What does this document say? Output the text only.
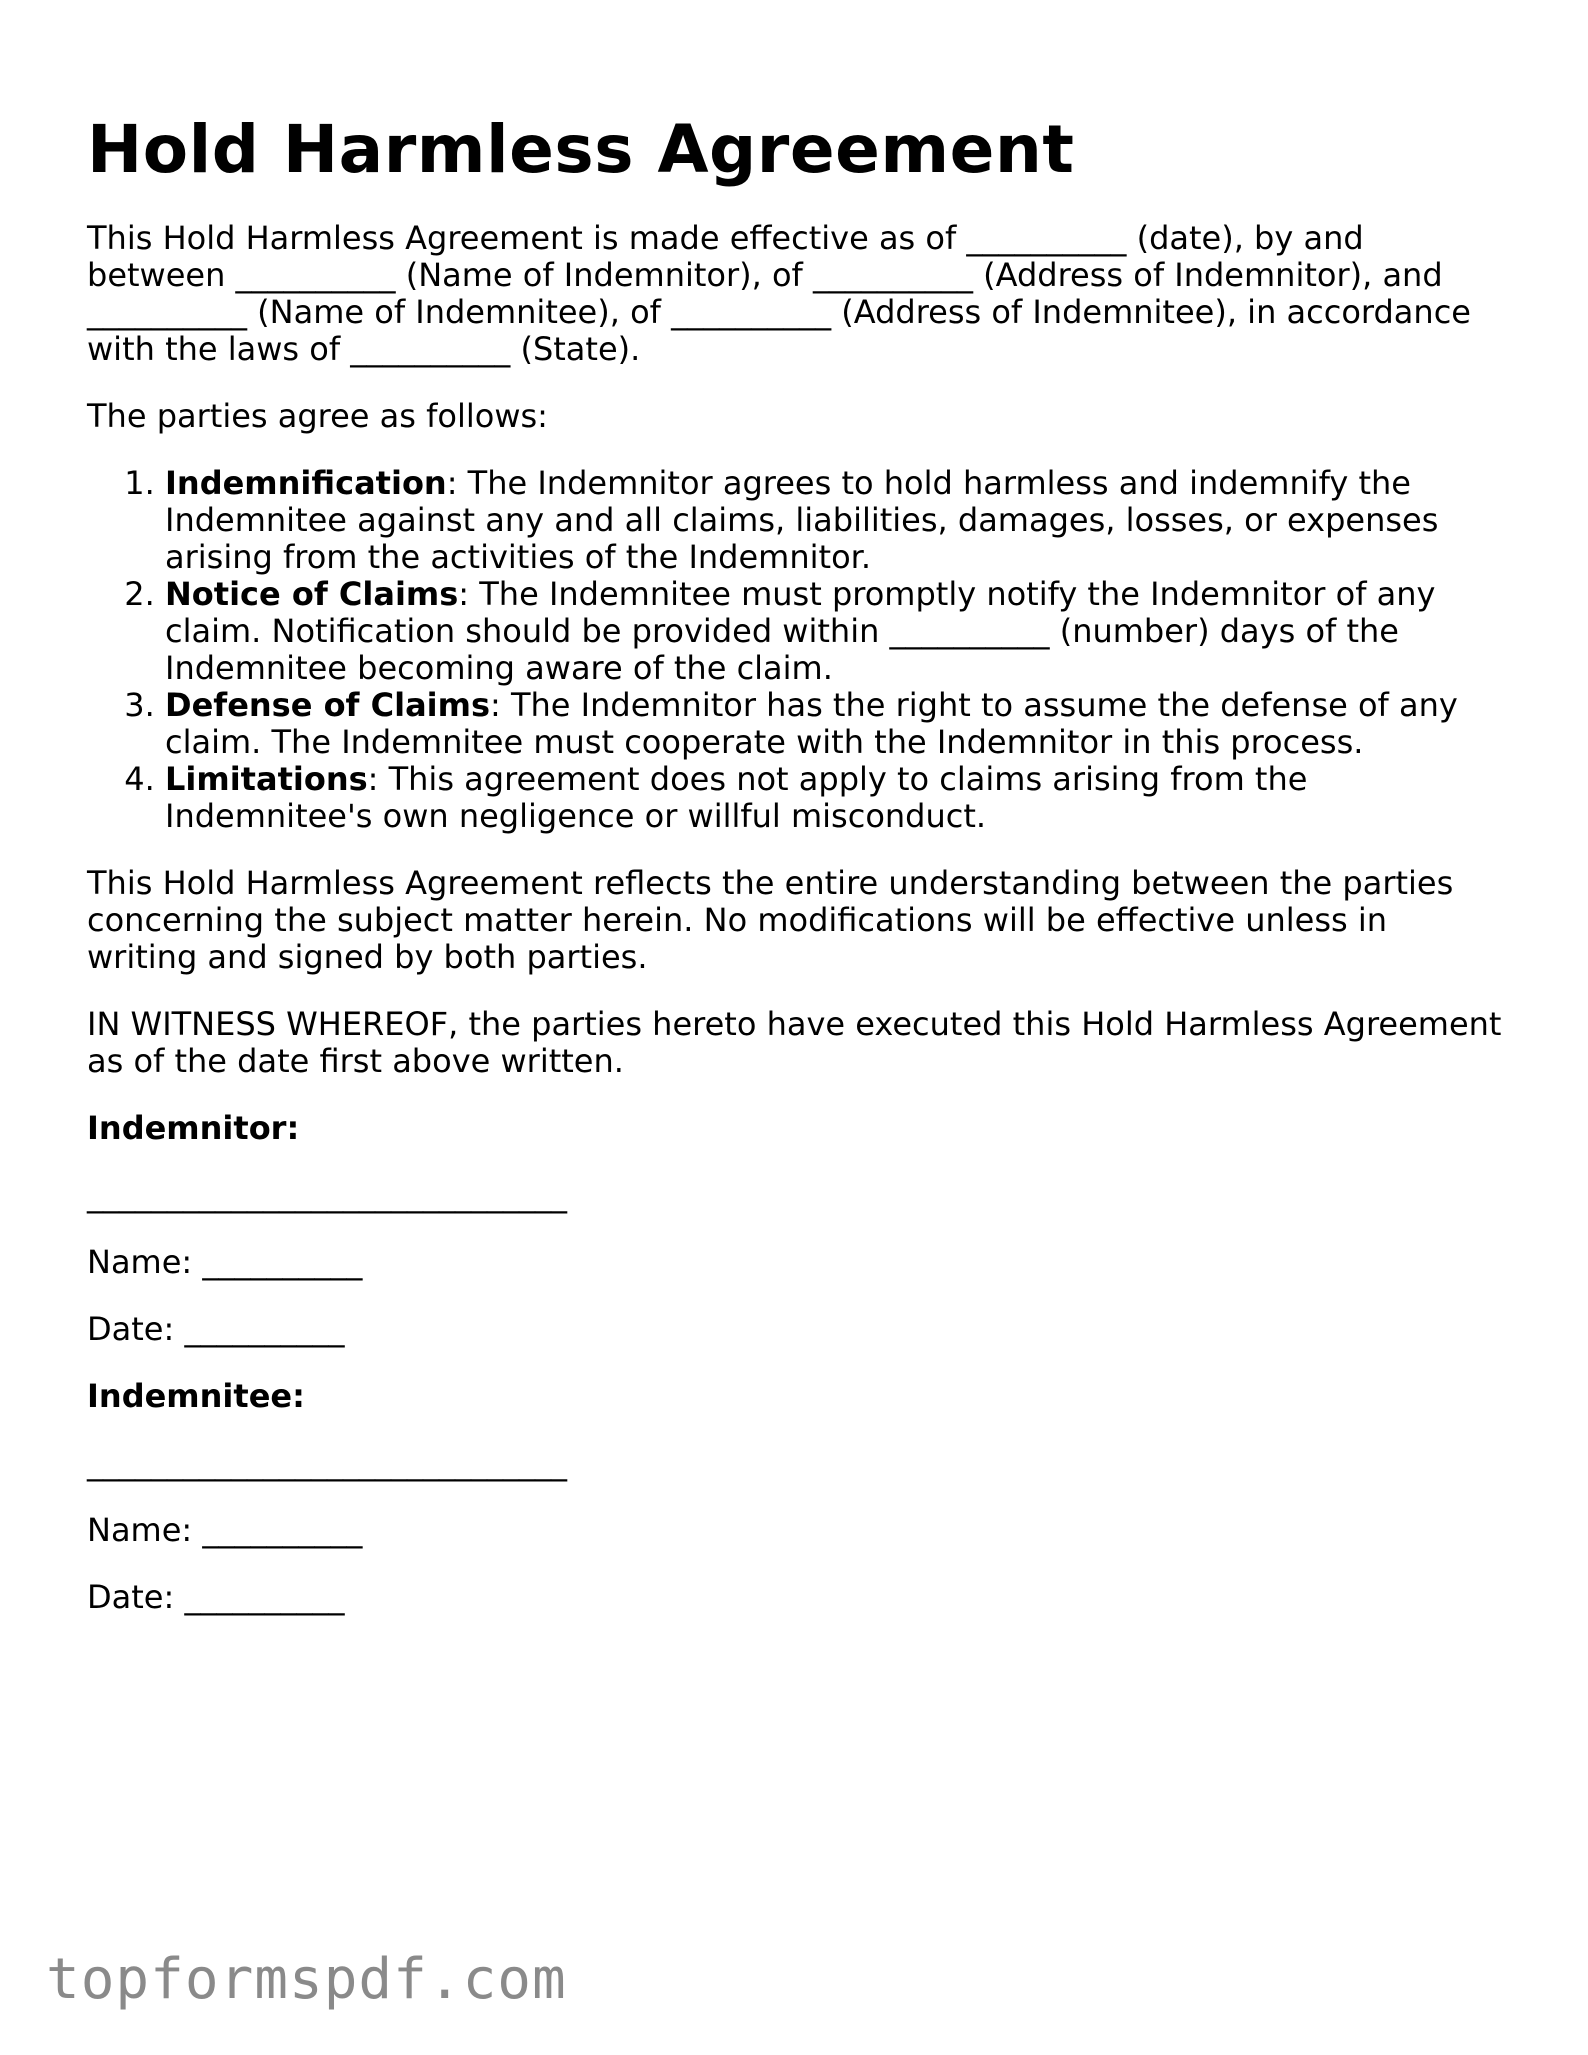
Hold Harmless Agreement

This Hold Harmless Agreement is made effective as of __________ (date), by and between __________ (Name of Indemnitor), of __________ (Address of Indemnitor), and __________ (Name of Indemnitee), of __________ (Address of Indemnitee), in accordance with the laws of __________ (State).

The parties agree as follows:

1. Indemnification: The Indemnitor agrees to hold harmless and indemnify the Indemnitee against any and all claims, liabilities, damages, losses, or expenses arising from the activities of the Indemnitor.
2. Notice of Claims: The Indemnitee must promptly notify the Indemnitor of any claim. Notification should be provided within __________ (number) days of the Indemnitee becoming aware of the claim.
3. Defense of Claims: The Indemnitor has the right to assume the defense of any claim. The Indemnitee must cooperate with the Indemnitor in this process.
4. Limitations: This agreement does not apply to claims arising from the Indemnitee's own negligence or willful misconduct.

This Hold Harmless Agreement reflects the entire understanding between the parties concerning the subject matter herein. No modifications will be effective unless in writing and signed by both parties.

IN WITNESS WHEREOF, the parties hereto have executed this Hold Harmless Agreement as of the date first above written.

Indemnitor:

______________________________

Name: __________

Date: __________

Indemnitee:

______________________________

Name: __________

Date: __________

topformspdf.com
